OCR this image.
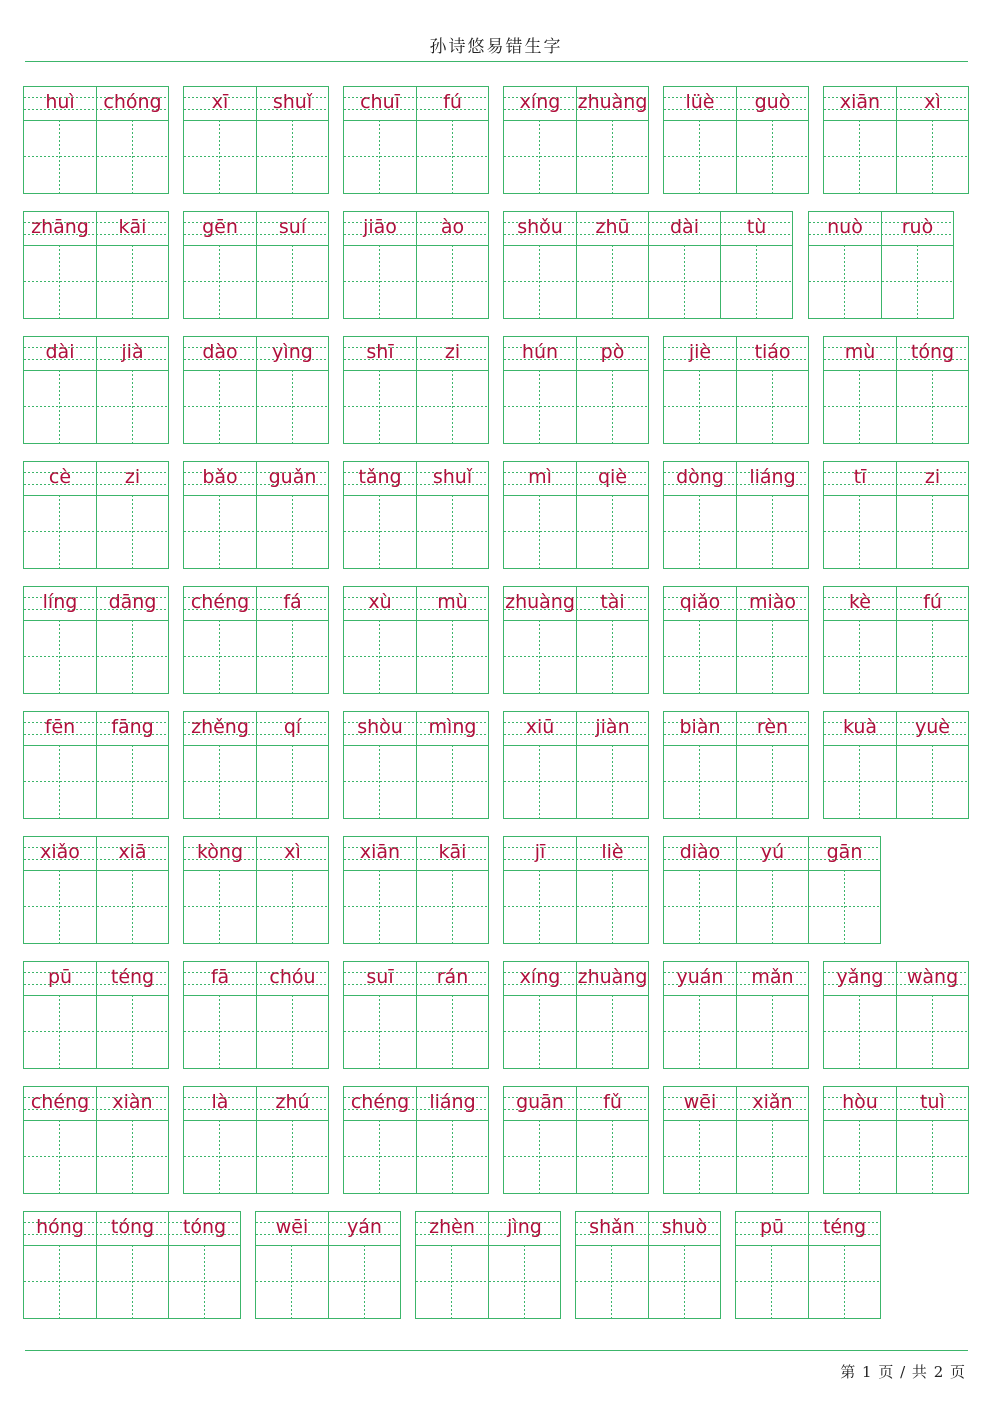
孙诗悠易错生字
huì	chóng	xī	shuǐ	chuī	fú	xíng zhuàng	lüè	guò	xiān	xì
zhāng	kāi	gēn	suí	jiāo	ào	shǒu	zhū	dài	tù	nuò	ruò
dài	jià	dào	yìng	shī	zi	hún	pò	jiè	tiáo	mù	tóng
cè	zi	bǎo	guǎn	tǎng	shuǐ	mì	qiè	dòng	liáng	tī	zi
líng	dāng	chéng	fá	xù	mù	zhuàng	tài	qiǎo	miào	kè	fú
fēn	fāng	zhěng	qí	shòu	mìng	xiū	jiàn	biàn	rèn	kuà	yuè
xiǎo	xiā	kòng	xì	xiān	kāi	jī	liè	diào	yú	gān
pū	téng	fā	chóu	suī	rán	xíng zhuàng	yuán	mǎn	yǎng	wàng
chéng	xiàn	là	zhú	chéng	liáng	guān	fǔ	wēi	xiǎn	hòu	tuì
hóng	tóng	tóng	wēi	yán	zhèn	jìng	shǎn	shuò	pū	téng
第 1 页 / 共 2 页
